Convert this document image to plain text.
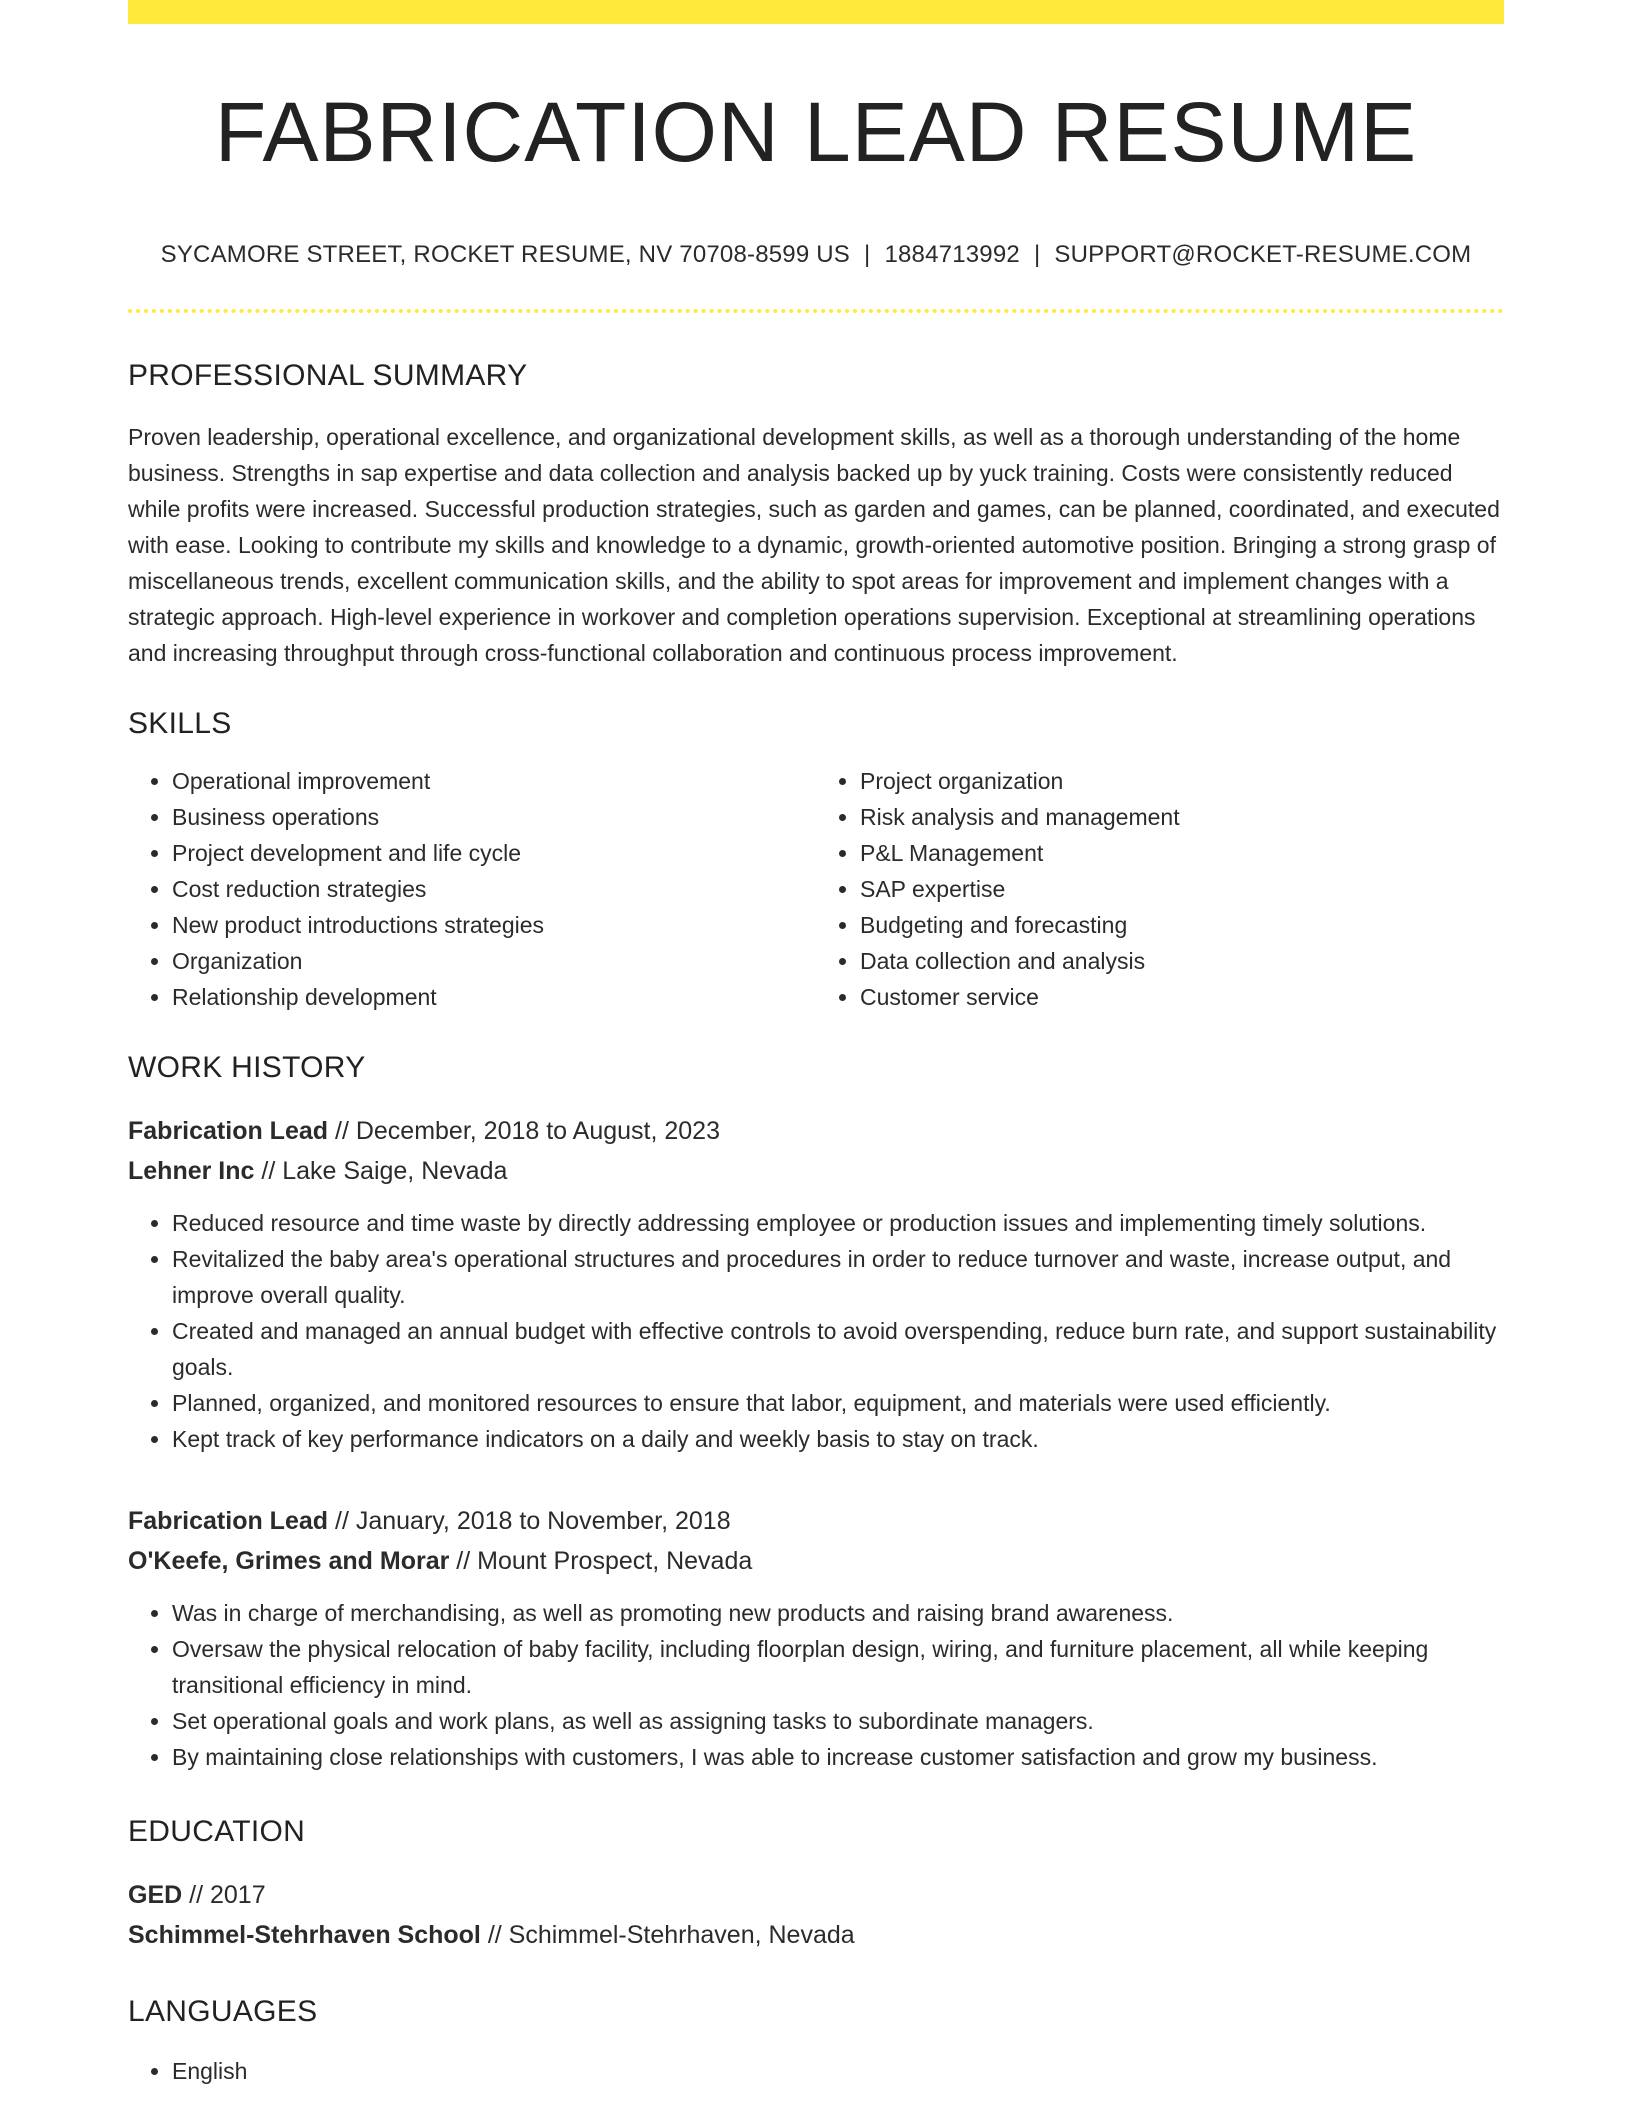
FABRICATION LEAD RESUME
SYCAMORE STREET, ROCKET RESUME, NV 70708-8599 US | 1884713992 | SUPPORT@ROCKET-RESUME.COM
PROFESSIONAL SUMMARY

Proven leadership, operational excellence, and organizational development skills, as well as a thorough understanding of the home business. Strengths in sap expertise and data collection and analysis backed up by yuck training. Costs were consistently reduced while profits were increased. Successful production strategies, such as garden and games, can be planned, coordinated, and executed with ease. Looking to contribute my skills and knowledge to a dynamic, growth-oriented automotive position. Bringing a strong grasp of miscellaneous trends, excellent communication skills, and the ability to spot areas for improvement and implement changes with a strategic approach. High-level experience in workover and completion operations supervision. Exceptional at streamlining operations and increasing throughput through cross-functional collaboration and continuous process improvement.

SKILLS
• Operational improvement
• Business operations
• Project development and life cycle
• Cost reduction strategies
• New product introductions strategies
• Organization
• Relationship development
• Project organization
• Risk analysis and management
• P&L Management
• SAP expertise
• Budgeting and forecasting
• Data collection and analysis
• Customer service
WORK HISTORY
Fabrication Lead // December, 2018 to August, 2023
Lehner Inc // Lake Saige, Nevada
• Reduced resource and time waste by directly addressing employee or production issues and implementing timely solutions.
• Revitalized the baby area's operational structures and procedures in order to reduce turnover and waste, increase output, and improve overall quality.
• Created and managed an annual budget with effective controls to avoid overspending, reduce burn rate, and support sustainability goals.
• Planned, organized, and monitored resources to ensure that labor, equipment, and materials were used efficiently.
• Kept track of key performance indicators on a daily and weekly basis to stay on track.
Fabrication Lead // January, 2018 to November, 2018
O'Keefe, Grimes and Morar // Mount Prospect, Nevada
• Was in charge of merchandising, as well as promoting new products and raising brand awareness.
• Oversaw the physical relocation of baby facility, including floorplan design, wiring, and furniture placement, all while keeping transitional efficiency in mind.
• Set operational goals and work plans, as well as assigning tasks to subordinate managers.
• By maintaining close relationships with customers, I was able to increase customer satisfaction and grow my business.
EDUCATION
GED // 2017
Schimmel-Stehrhaven School // Schimmel-Stehrhaven, Nevada
LANGUAGES
• English
